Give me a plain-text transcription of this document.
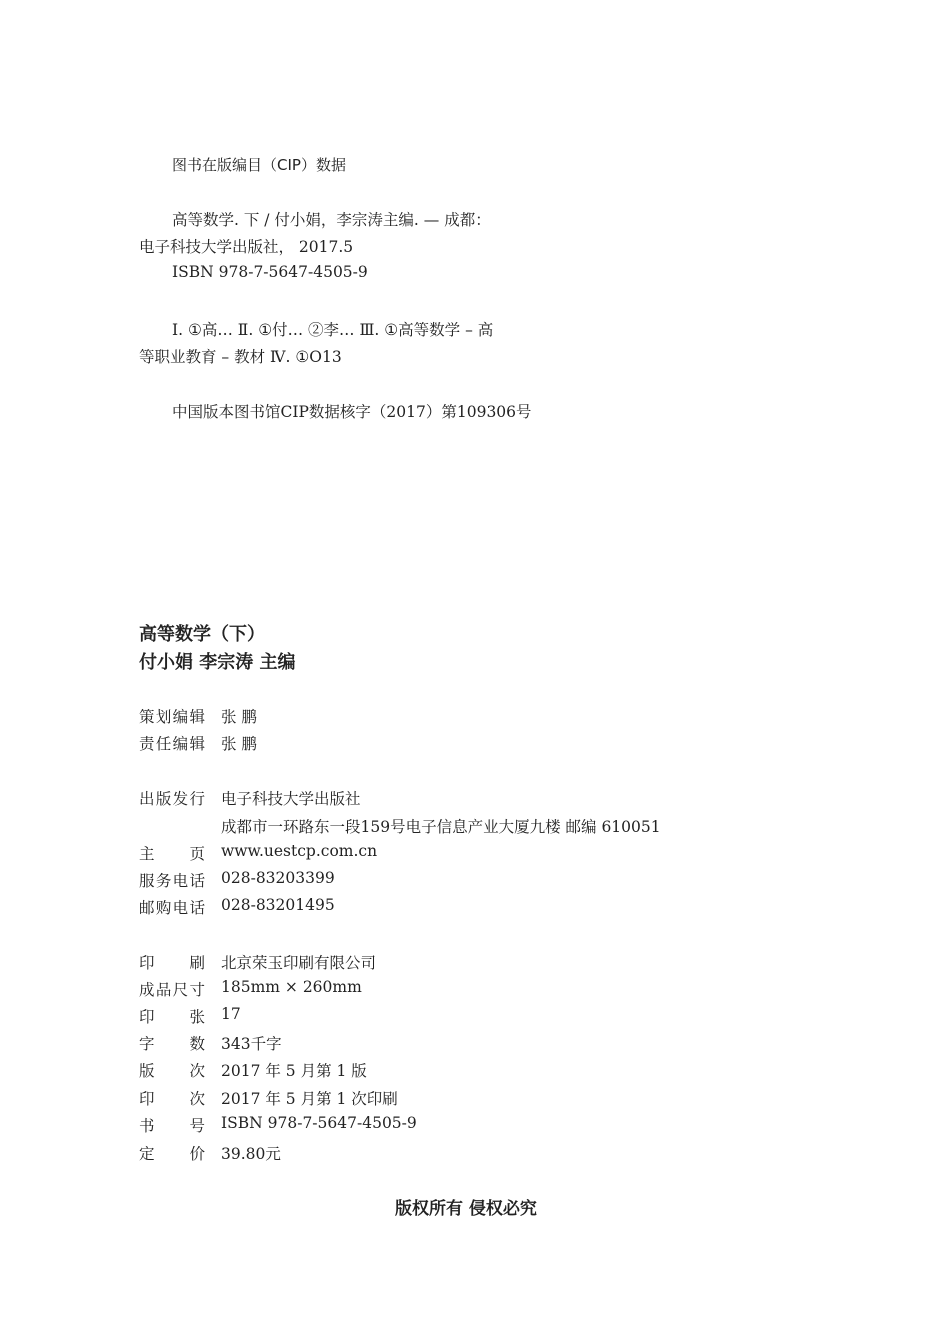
图书在版编目（CIP）数据
高等数学. 下 / 付小娟，李宗涛主编. — 成都：
电子科技大学出版社， 2017.5
ISBN 978-7-5647-4505-9
Ⅰ. ①高… Ⅱ. ①付… ②李… Ⅲ. ①高等数学 – 高
等职业教育 – 教材 Ⅳ. ①O13
中国版本图书馆CIP数据核字（2017）第109306号
高等数学（下）
付小娟 李宗涛 主编
策划编辑 张 鹏
责任编辑 张 鹏
出版发行 电子科技大学出版社
成都市一环路东一段159号电子信息产业大厦九楼 邮编 610051
主页 www.uestcp.com.cn
服务电话 028-83203399
邮购电话 028-83201495
印刷 北京荣玉印刷有限公司
成品尺寸 185mm × 260mm
印张 17
字数 343千字
版次 2017 年 5 月第 1 版
印次 2017 年 5 月第 1 次印刷
书号 ISBN 978-7-5647-4505-9
定价 39.80元
版权所有 侵权必究
